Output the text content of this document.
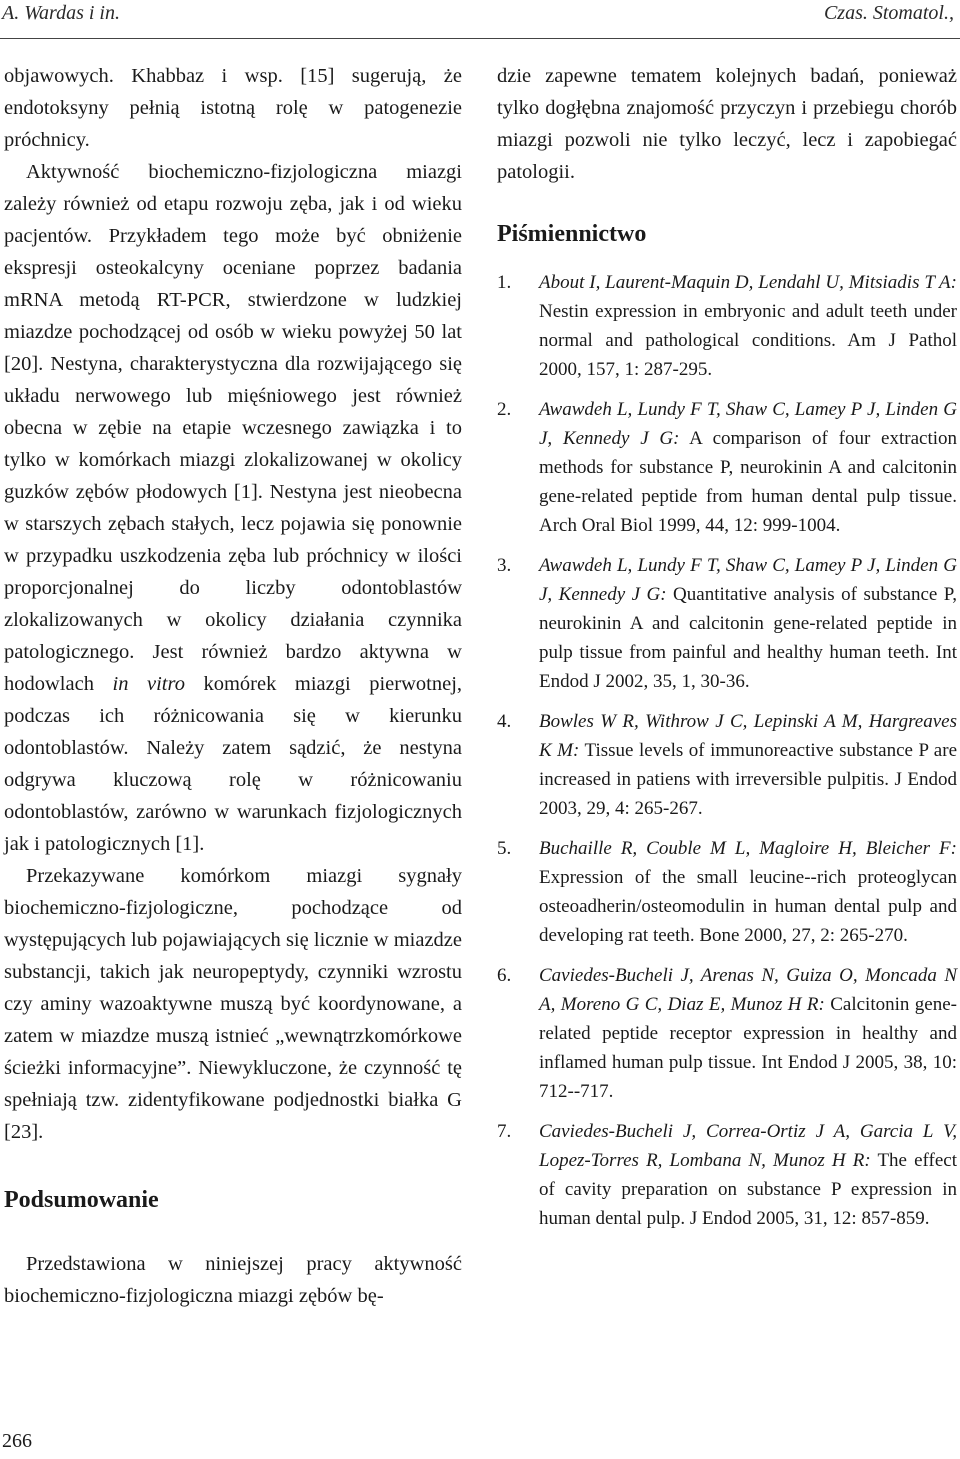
A. Wardas i in.	Czas. Stomatol.,

objawowych. Khabbaz i wsp. [15] sugerują, że endotoksyny pełnią istotną rolę w patogenezie próchnicy.

Aktywność biochemiczno-fizjologiczna miazgi zależy również od etapu rozwoju zęba, jak i od wieku pacjentów. Przykładem tego może być obniżenie ekspresji osteokalcyny oceniane poprzez badania mRNA metodą RT-PCR, stwierdzone w ludzkiej miazdze pochodzącej od osób w wieku powyżej 50 lat [20]. Nestyna, charakterystyczna dla rozwijającego się układu nerwowego lub mięśniowego jest również obecna w zębie na etapie wczesnego zawiązka i to tylko w komórkach miazgi zlokalizowanej w okolicy guzków zębów płodowych [1]. Nestyna jest nieobecna w starszych zębach stałych, lecz pojawia się ponownie w przypadku uszkodzenia zęba lub próchnicy w ilości proporcjonalnej do liczby odontoblastów zlokalizowanych w okolicy działania czynnika patologicznego. Jest również bardzo aktywna w hodowlach in vitro komórek miazgi pierwotnej, podczas ich różnicowania się w kierunku odontoblastów. Należy zatem sądzić, że nestyna odgrywa kluczową rolę w różnicowaniu odontoblastów, zarówno w warunkach fizjologicznych jak i patologicznych [1].

Przekazywane komórkom miazgi sygnały biochemiczno-fizjologiczne, pochodzące od występujących lub pojawiających się licznie w miazdze substancji, takich jak neuropeptydy, czynniki wzrostu czy aminy wazoaktywne muszą być koordynowane, a zatem w miazdze muszą istnieć „wewnątrzkomórkowe ścieżki informacyjne”. Niewykluczone, że czynność tę spełniają tzw. zidentyfikowane podjednostki białka G [23].

Podsumowanie

Przedstawiona w niniejszej pracy aktywność biochemiczno-fizjologiczna miazgi zębów bę-

dzie zapewne tematem kolejnych badań, ponieważ tylko dogłębna znajomość przyczyn i przebiegu chorób miazgi pozwoli nie tylko leczyć, lecz i zapobiegać patologii.

Piśmiennictwo
1. About I, Laurent-Maquin D, Lendahl U, Mitsiadis T A: Nestin expression in embryonic and adult teeth under normal and pathological conditions. Am J Pathol 2000, 157, 1: 287-295.
2. Awawdeh L, Lundy F T, Shaw C, Lamey P J, Linden G J, Kennedy J G: A comparison of four extraction methods for substance P, neurokinin A and calcitonin gene-related peptide from human dental pulp tissue. Arch Oral Biol 1999, 44, 12: 999-1004.
3. Awawdeh L, Lundy F T, Shaw C, Lamey P J, Linden G J, Kennedy J G: Quantitative analysis of substance P, neurokinin A and calcitonin gene-related peptide in pulp tissue from painful and healthy human teeth. Int Endod J 2002, 35, 1, 30-36.
4. Bowles W R, Withrow J C, Lepinski A M, Hargreaves K M: Tissue levels of immunoreactive substance P are increased in patiens with irreversible pulpitis. J Endod 2003, 29, 4: 265-267.
5. Buchaille R, Couble M L, Magloire H, Bleicher F: Expression of the small leucine--rich proteoglycan osteoadherin/osteomodulin in human dental pulp and developing rat teeth. Bone 2000, 27, 2: 265-270.
6. Caviedes-Bucheli J, Arenas N, Guiza O, Moncada N A, Moreno G C, Diaz E, Munoz H R: Calcitonin gene-related peptide receptor expression in healthy and inflamed human pulp tissue. Int Endod J 2005, 38, 10: 712--717.
7. Caviedes-Bucheli J, Correa-Ortiz J A, Garcia L V, Lopez-Torres R, Lombana N, Munoz H R: The effect of cavity preparation on substance P expression in human dental pulp. J Endod 2005, 31, 12: 857-859.
266
